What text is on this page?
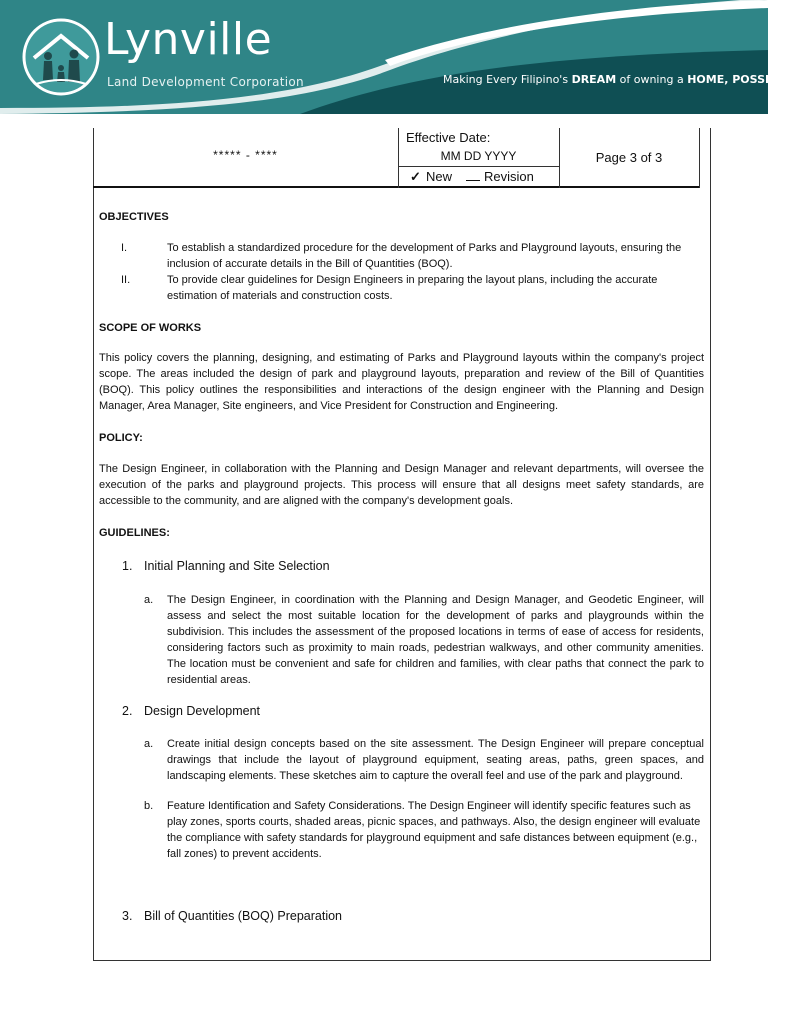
Lynville
Land Development Corporation	Making Every Filipino's DREAM of owning a HOME, POSSIBLE.
***** - ****
Effective Date:
MM DD YYYY
✓ New Revision
Page 3 of 3
OBJECTIVES
I.	To establish a standardized procedure for the development of Parks and Playground layouts, ensuring the inclusion of accurate details in the Bill of Quantities (BOQ).
II.	To provide clear guidelines for Design Engineers in preparing the layout plans, including the accurate estimation of materials and construction costs.
SCOPE OF WORKS
This policy covers the planning, designing, and estimating of Parks and Playground layouts within the company's project scope. The areas included the design of park and playground layouts, preparation and review of the Bill of Quantities (BOQ). This policy outlines the responsibilities and interactions of the design engineer with the Planning and Design Manager, Area Manager, Site engineers, and Vice President for Construction and Engineering.
POLICY:
The Design Engineer, in collaboration with the Planning and Design Manager and relevant departments, will oversee the execution of the parks and playground projects. This process will ensure that all designs meet safety standards, are accessible to the community, and are aligned with the company's development goals.
GUIDELINES:
1. Initial Planning and Site Selection
a. The Design Engineer, in coordination with the Planning and Design Manager, and Geodetic Engineer, will assess and select the most suitable location for the development of parks and playgrounds within the subdivision. This includes the assessment of the proposed locations in terms of ease of access for residents, considering factors such as proximity to main roads, pedestrian walkways, and other community amenities. The location must be convenient and safe for children and families, with clear paths that connect the park to residential areas.
2. Design Development
a. Create initial design concepts based on the site assessment. The Design Engineer will prepare conceptual drawings that include the layout of playground equipment, seating areas, paths, green spaces, and landscaping elements. These sketches aim to capture the overall feel and use of the park and playground.
b. Feature Identification and Safety Considerations. The Design Engineer will identify specific features such as play zones, sports courts, shaded areas, picnic spaces, and pathways. Also, the design engineer will evaluate the compliance with safety standards for playground equipment and safe distances between equipment (e.g., fall zones) to prevent accidents.
3. Bill of Quantities (BOQ) Preparation
